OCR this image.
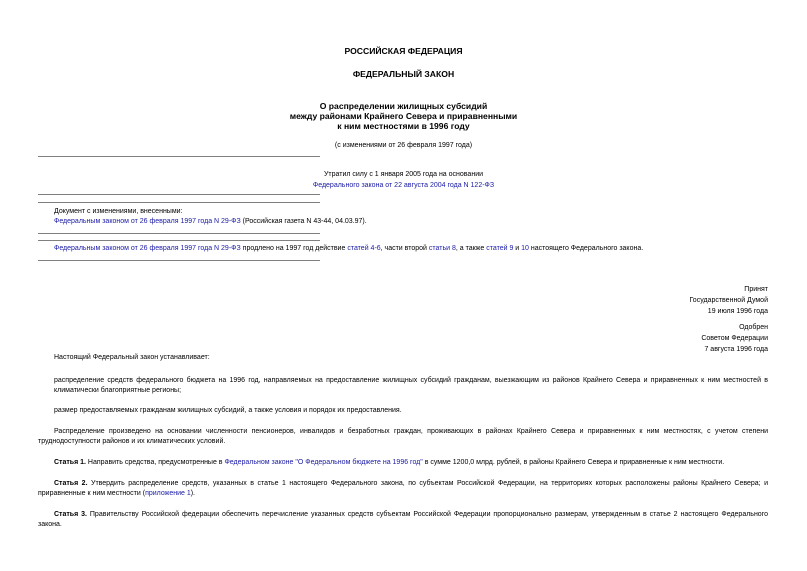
РОССИЙСКАЯ ФЕДЕРАЦИЯ
ФЕДЕРАЛЬНЫЙ ЗАКОН
О распределении жилищных субсидий
между районами Крайнего Севера и приравненными
к ним местностями в 1996 году
(с изменениями от 26 февраля 1997 года)
Утратил силу с 1 января 2005 года на основании
Федерального закона от 22 августа 2004 года N 122-ФЗ
Документ с изменениями, внесенными:
Федеральным законом от 26 февраля 1997 года N 29-ФЗ (Российская газета N 43-44, 04.03.97).
Федеральным законом от 26 февраля 1997 года N 29-ФЗ продлено на 1997 год действие статей 4-6, части второй статьи 8, а также статей 9 и 10 настоящего Федерального закона.
Принят
Государственной Думой
19 июля 1996 года
Одобрен
Советом Федерации
7 августа 1996 года
Настоящий Федеральный закон устанавливает:
распределение средств федерального бюджета на 1996 год, направляемых на предоставление жилищных субсидий гражданам, выезжающим из районов Крайнего Севера и приравненных к ним местностей в климатически благоприятные регионы;
размер предоставляемых гражданам жилищных субсидий, а также условия и порядок их предоставления.
Распределение произведено на основании численности пенсионеров, инвалидов и безработных граждан, проживающих в районах Крайнего Севера и приравненных к ним местностях, с учетом степени труднодоступности районов и их климатических условий.
Статья 1. Направить средства, предусмотренные в Федеральном законе "О Федеральном бюджете на 1996 год" в сумме 1200,0 млрд. рублей, в районы Крайнего Севера и приравненные к ним местности.
Статья 2. Утвердить распределение средств, указанных в статье 1 настоящего Федерального закона, по субъектам Российской Федерации, на территориях которых расположены районы Крайнего Севера; и приравненные к ним местности (приложение 1).
Статья 3. Правительству Российской федерации обеспечить перечисление указанных средств субъектам Российской Федерации пропорционально размерам, утвержденным в статье 2 настоящего Федерального закона.
